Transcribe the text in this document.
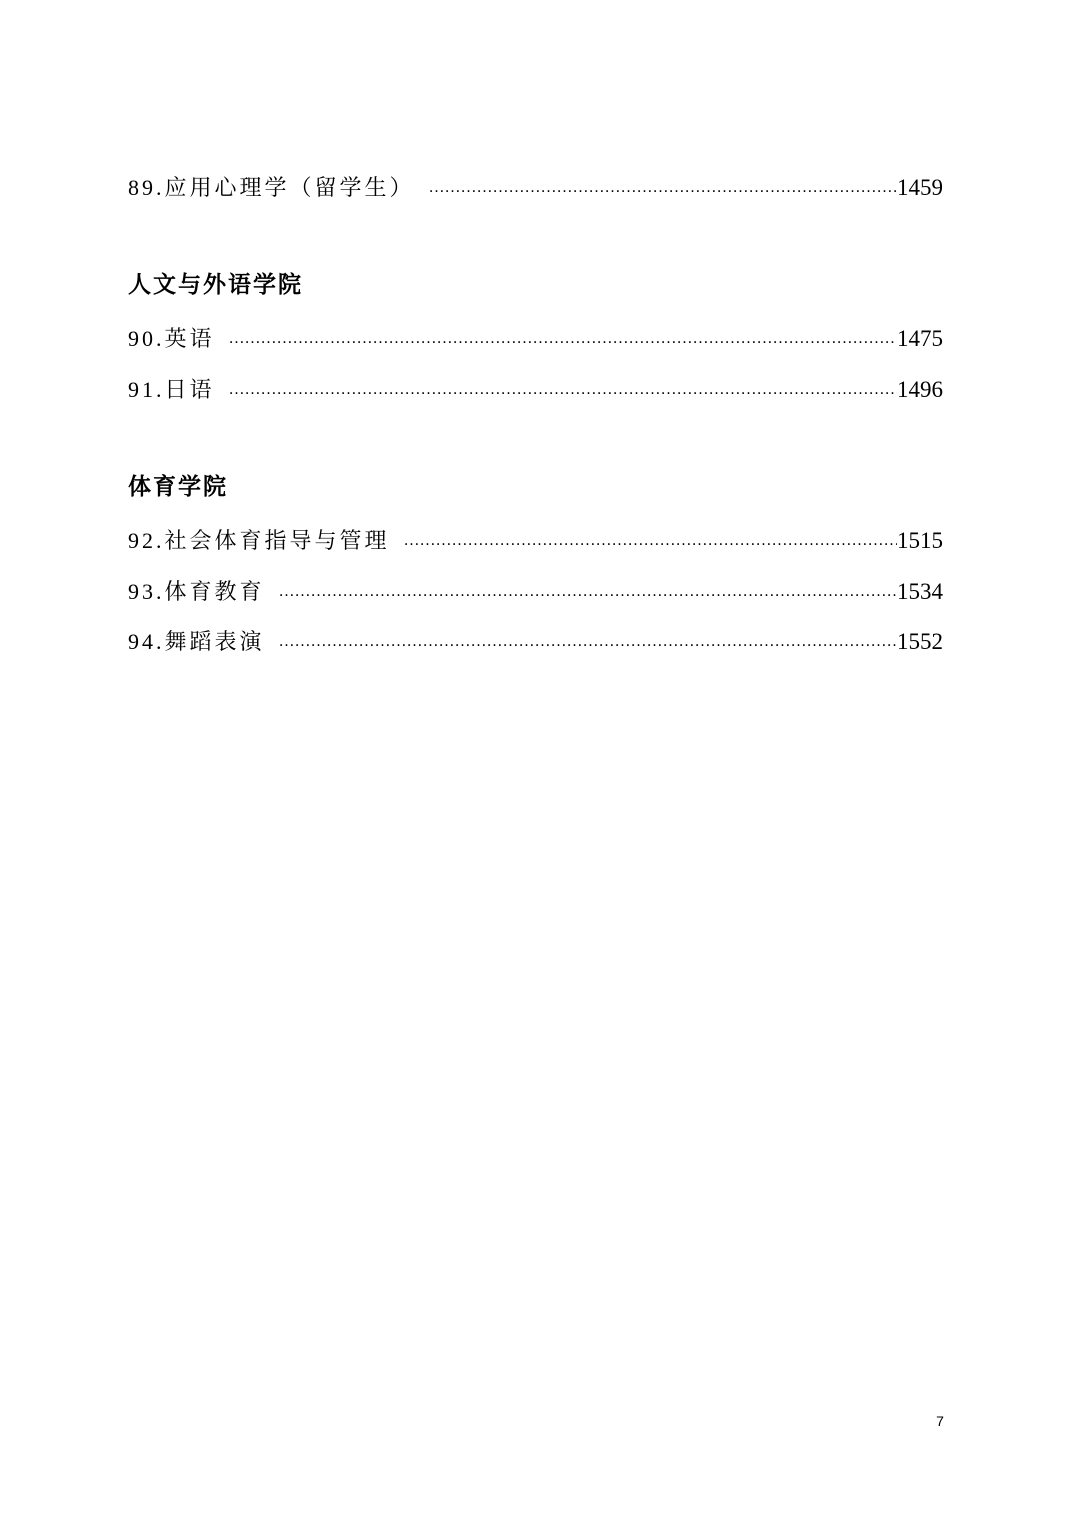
89.应用心理学（留学生） ………………………………………………………………………………………………………………………………………………………………………………	1459
人文与外语学院
90.英语 ………………………………………………………………………………………………………………………………………………………………………………	1475
91.日语 ………………………………………………………………………………………………………………………………………………………………………………	1496
体育学院
92.社会体育指导与管理 ………………………………………………………………………………………………………………………………………………………………………………	1515
93.体育教育 ………………………………………………………………………………………………………………………………………………………………………………	1534
94.舞蹈表演 ………………………………………………………………………………………………………………………………………………………………………………	1552
7
